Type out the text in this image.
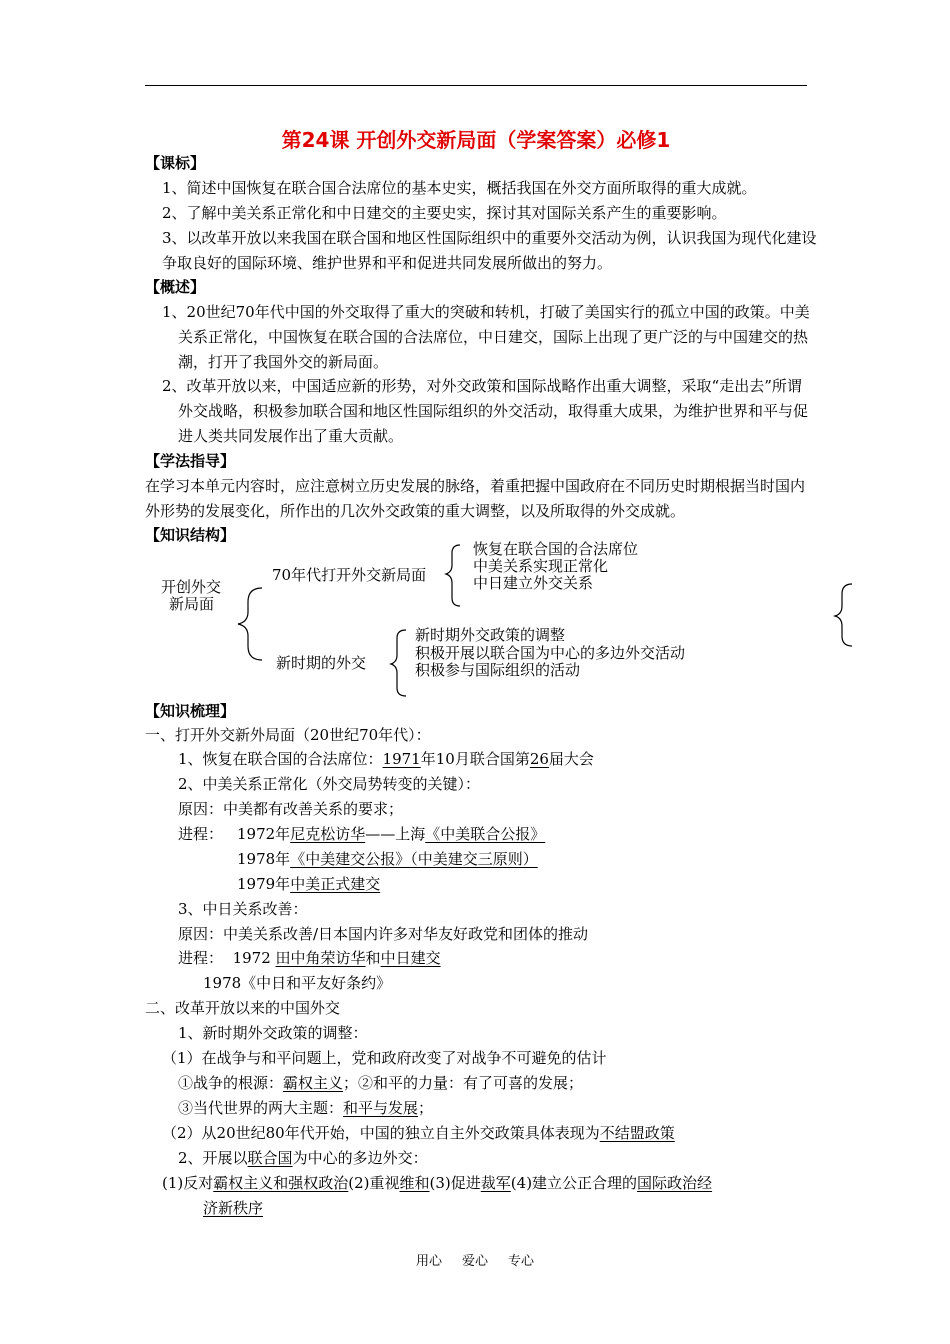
第24课 开创外交新局面（学案答案）必修1
【课标】
1、简述中国恢复在联合国合法席位的基本史实，概括我国在外交方面所取得的重大成就。
2、了解中美关系正常化和中日建交的主要史实，探讨其对国际关系产生的重要影响。
3、以改革开放以来我国在联合国和地区性国际组织中的重要外交活动为例，认识我国为现代化建设争取良好的国际环境、维护世界和平和促进共同发展所做出的努力。
【概述】
1、20世纪70年代中国的外交取得了重大的突破和转机，打破了美国实行的孤立中国的政策。中美关系正常化，中国恢复在联合国的合法席位，中日建交，国际上出现了更广泛的与中国建交的热潮，打开了我国外交的新局面。
2、改革开放以来，中国适应新的形势，对外交政策和国际战略作出重大调整，采取“走出去”所谓外交战略，积极参加联合国和地区性国际组织的外交活动，取得重大成果，为维护世界和平与促进人类共同发展作出了重大贡献。
【学法指导】
在学习本单元内容时，应注意树立历史发展的脉络，着重把握中国政府在不同历史时期根据当时国内外形势的发展变化，所作出的几次外交政策的重大调整，以及所取得的外交成就。
【知识结构】
开创外交
新局面
70年代打开外交新局面
恢复在联合国的合法席位
中美关系实现正常化
中日建立外交关系
新时期的外交
新时期外交政策的调整
积极开展以联合国为中心的多边外交活动
积极参与国际组织的活动
【知识梳理】
一、打开外交新外局面（20世纪70年代）：
1、恢复在联合国的合法席位：1971年10月联合国第26届大会
2、中美关系正常化（外交局势转变的关键）：
原因：中美都有改善关系的要求；
进程： 1972年尼克松访华——上海《中美联合公报》
1978年《中美建交公报》（中美建交三原则）
1979年中美正式建交
3、中日关系改善：
原因：中美关系改善/日本国内许多对华友好政党和团体的推动
进程： 1972 田中角荣访华和中日建交
1978《中日和平友好条约》
二、改革开放以来的中国外交
1、新时期外交政策的调整：
（1）在战争与和平问题上，党和政府改变了对战争不可避免的估计
①战争的根源：霸权主义；②和平的力量：有了可喜的发展；
③当代世界的两大主题：和平与发展；
（2）从20世纪80年代开始，中国的独立自主外交政策具体表现为不结盟政策
2、开展以联合国为中心的多边外交：
(1)反对霸权主义和强权政治(2)重视维和(3)促进裁军(4)建立公正合理的国际政治经
济新秩序
用心 爱心 专心
